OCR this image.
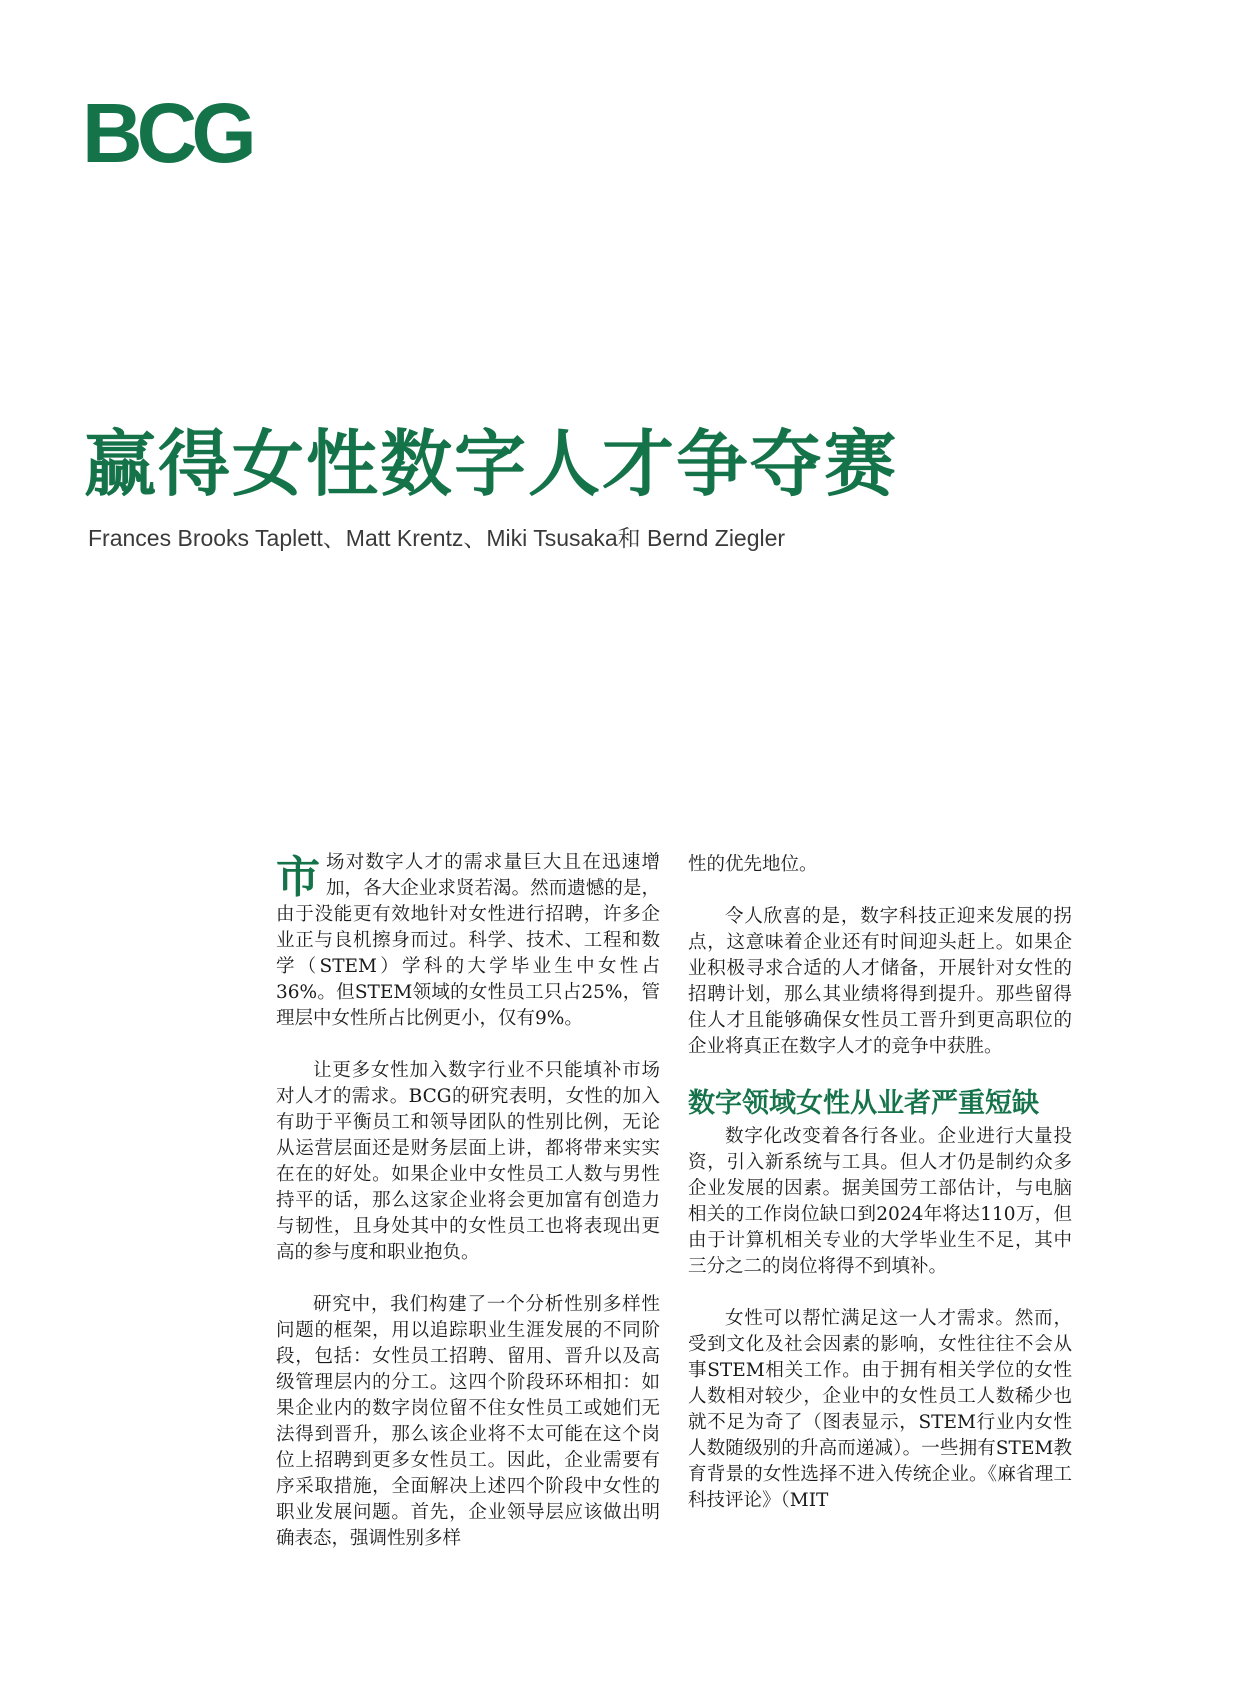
BCG
赢得女性数字人才争夺赛
Frances Brooks Taplett、Matt Krentz、Miki Tsusaka和 Bernd Ziegler

市场对数字人才的需求量巨大且在迅速增加，各大企业求贤若渴。然而遗憾的是，由于没能更有效地针对女性进行招聘，许多企业正与良机擦身而过。科学、技术、工程和数学（STEM）学科的大学毕业生中女性占36%。但STEM领域的女性员工只占25%，管理层中女性所占比例更小，仅有9%。

让更多女性加入数字行业不只能填补市场对人才的需求。BCG的研究表明，女性的加入有助于平衡员工和领导团队的性别比例，无论从运营层面还是财务层面上讲，都将带来实实在在的好处。如果企业中女性员工人数与男性持平的话，那么这家企业将会更加富有创造力与韧性，且身处其中的女性员工也将表现出更高的参与度和职业抱负。

研究中，我们构建了一个分析性别多样性问题的框架，用以追踪职业生涯发展的不同阶段，包括：女性员工招聘、留用、晋升以及高级管理层内的分工。这四个阶段环环相扣：如果企业内的数字岗位留不住女性员工或她们无法得到晋升，那么该企业将不太可能在这个岗位上招聘到更多女性员工。因此，企业需要有序采取措施，全面解决上述四个阶段中女性的职业发展问题。首先，企业领导层应该做出明确表态，强调性别多样

性的优先地位。

令人欣喜的是，数字科技正迎来发展的拐点，这意味着企业还有时间迎头赶上。如果企业积极寻求合适的人才储备，开展针对女性的招聘计划，那么其业绩将得到提升。那些留得住人才且能够确保女性员工晋升到更高职位的企业将真正在数字人才的竞争中获胜。

数字领域女性从业者严重短缺

数字化改变着各行各业。企业进行大量投资，引入新系统与工具。但人才仍是制约众多企业发展的因素。据美国劳工部估计，与电脑相关的工作岗位缺口到2024年将达110万，但由于计算机相关专业的大学毕业生不足，其中三分之二的岗位将得不到填补。

女性可以帮忙满足这一人才需求。然而，受到文化及社会因素的影响，女性往往不会从事STEM相关工作。由于拥有相关学位的女性人数相对较少，企业中的女性员工人数稀少也就不足为奇了（图表显示，STEM行业内女性人数随级别的升高而递减）。一些拥有STEM教育背景的女性选择不进入传统企业。《麻省理工科技评论》（MIT
